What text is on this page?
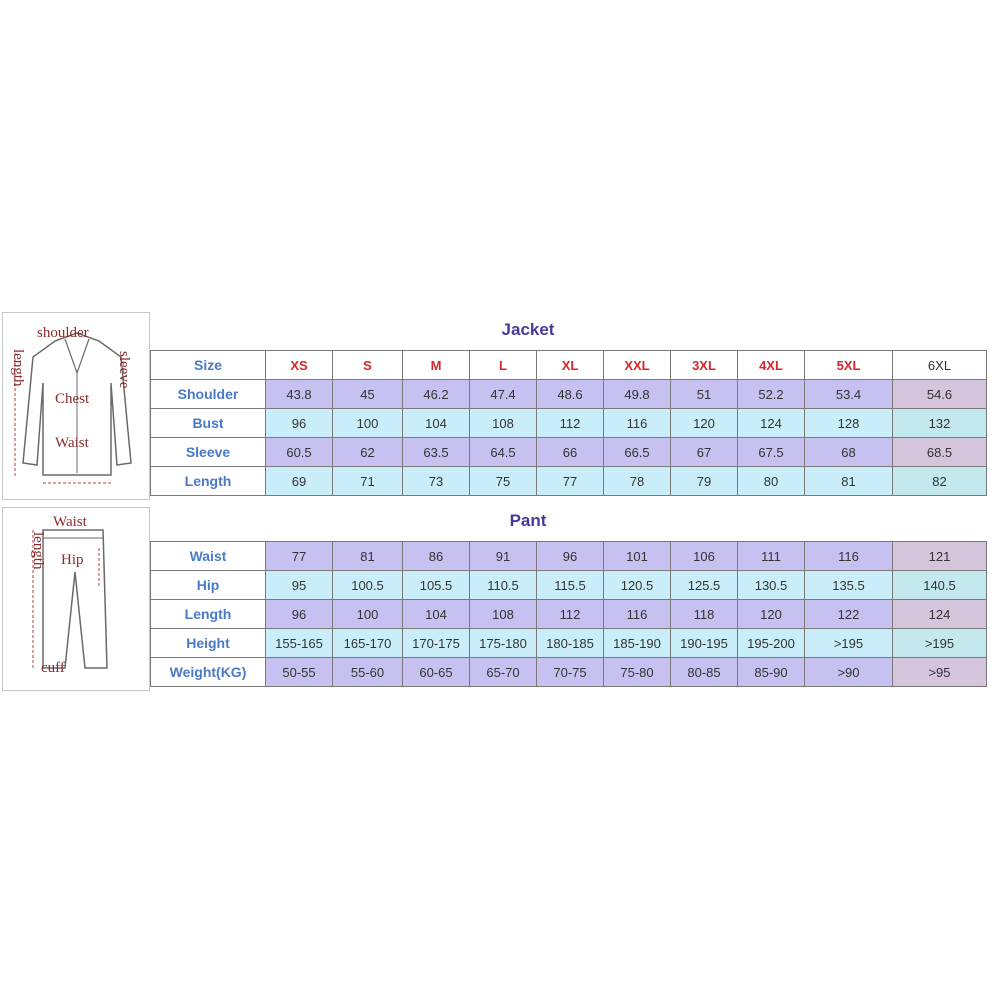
shoulder
sleeve
length
Chest
Waist
Waist
Hip
length
cuff
Jacket
Size	XS	S	M	L	XL	XXL	3XL	4XL	5XL	6XL
Shoulder	43.8	45	46.2	47.4	48.6	49.8	51	52.2	53.4	54.6
Bust	96	100	104	108	112	116	120	124	128	132
Sleeve	60.5	62	63.5	64.5	66	66.5	67	67.5	68	68.5
Length	69	71	73	75	77	78	79	80	81	82
Pant
Waist	77	81	86	91	96	101	106	111	116	121
Hip	95	100.5	105.5	110.5	115.5	120.5	125.5	130.5	135.5	140.5
Length	96	100	104	108	112	116	118	120	122	124
Height	155-165	165-170	170-175	175-180	180-185	185-190	190-195	195-200	>195	>195
Weight(KG)	50-55	55-60	60-65	65-70	70-75	75-80	80-85	85-90	>90	>95
